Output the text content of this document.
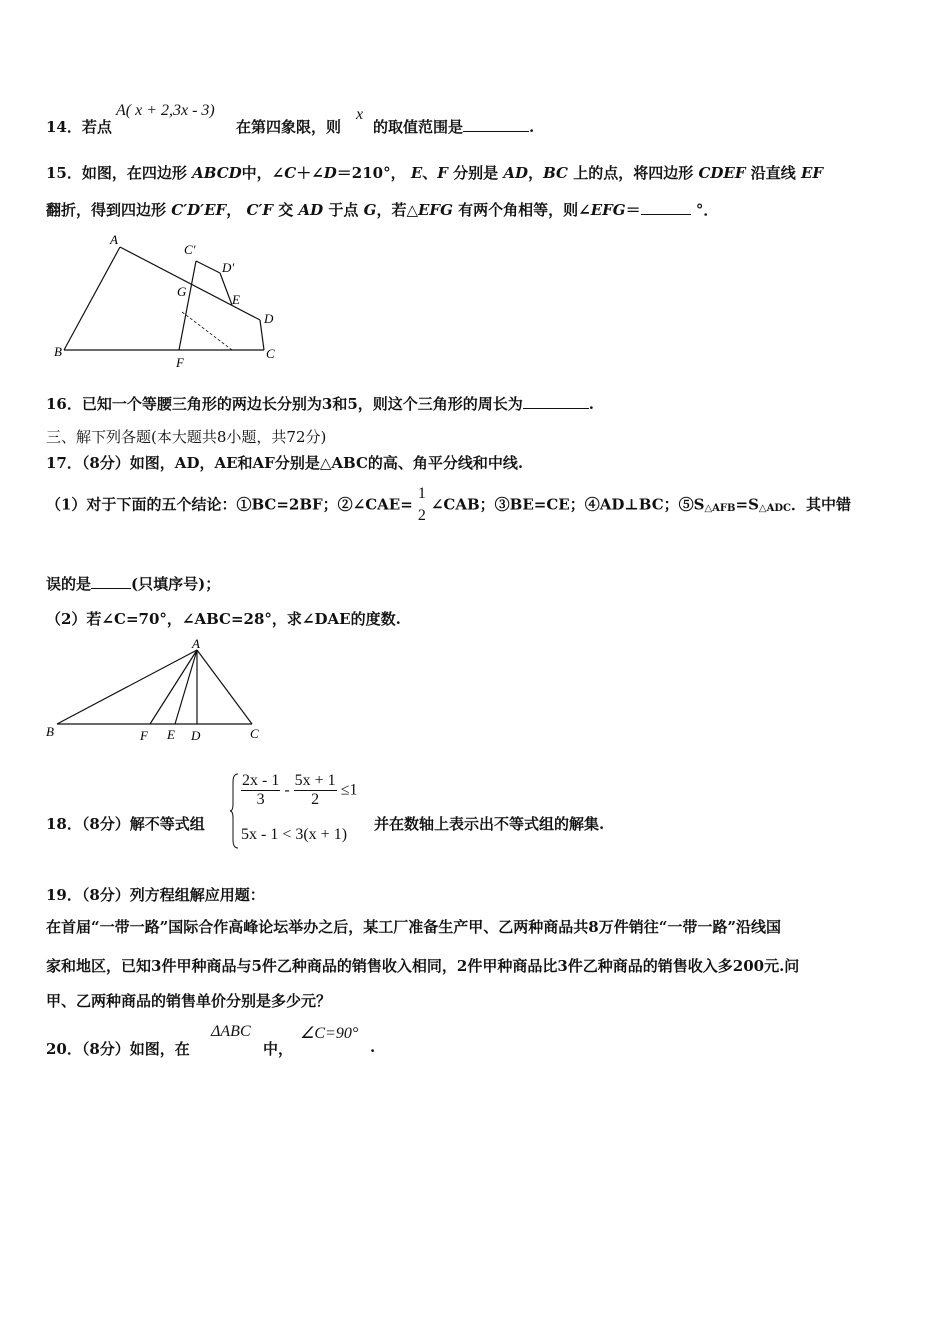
14．若点
A( x + 2,3x - 3)
在第四象限，则
x
的取值范围是	.
15．如图，在四边形 ABCD中，∠C＋∠D＝210°， E、F 分别是 AD，BC 上的点，将四边形 CDEF 沿直线 EF
翻折，得到四边形 C′D′EF， C′F 交 AD 于点 G，若△EFG 有两个角相等，则∠EFG＝	°．
A
B	C
D
E
F
G
C′
D′
16．已知一个等腰三角形的两边长分别为3和5，则这个三角形的周长为	.
三、解下列各题(本大题共8小题，共72分)
17．（8分）如图，AD，AE和AF分别是△ABC的高、角平分线和中线.
（1）对于下面的五个结论：①BC=2BF；②∠CAE=
1
2
∠CAB；③BE=CE；④AD⊥BC；$⑤S_{\triangle AFB}=S_{\triangle ADC}$．其中错
误的是	(只填序号)；
（2）若∠C=70°，∠ABC=28°，求∠DAE的度数.
A
B	C
D
E
F
18．（8分）解不等式组
$\frac{2x - 1}{3} - \frac{5x + 1}{2} \le 1$
5x - 1 < 3(x + 1)
并在数轴上表示出不等式组的解集.
19．（8分）列方程组解应用题：
在首届“一带一路”国际合作高峰论坛举办之后，某工厂准备生产甲、乙两种商品共8万件销往“一带一路”沿线国
家和地区，已知3件甲种商品与5件乙种商品的销售收入相同，2件甲种商品比3件乙种商品的销售收入多200元.问
甲、乙两种商品的销售单价分别是多少元？
20．（8分）如图，在
ΔABC
中，
∠C=90°
.
